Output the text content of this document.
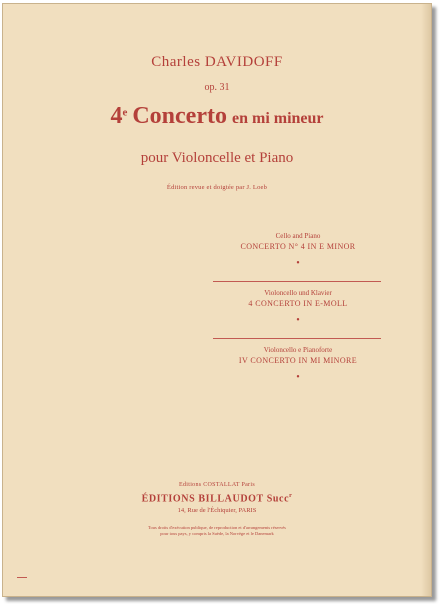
Charles DAVIDOFF
op. 31
4e Concerto en mi mineur
pour Violoncelle et Piano
Édition revue et doigtée par J. Loeb
Cello and Piano
CONCERTO N° 4 IN E MINOR
•
Violoncello und Klavier
4 CONCERTO IN E-MOLL
•
Violoncello e Pianoforte
IV CONCERTO IN MI MINORE
•
Editions COSTALLAT Paris
ÉDITIONS BILLAUDOT Succ$^r$
14, Rue de l'Échiquier, PARIS
Tous droits d'exécution publique, de reproduction et d'arrangements réservés
pour tous pays, y compris la Suède, la Norvège et le Danemark
